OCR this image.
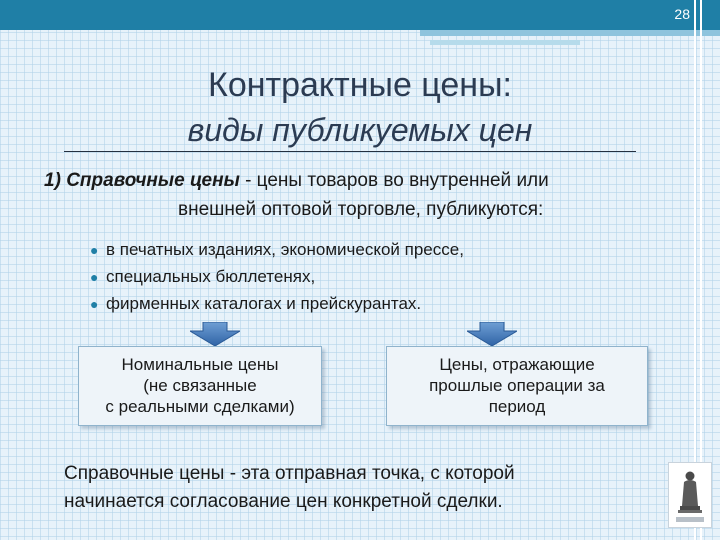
28
Контрактные цены:
виды публикуемых цен
1) Справочные цены - цены товаров во внутренней или
внешней оптовой торговле, публикуются:
● в печатных изданиях, экономической прессе,
● специальных бюллетенях,
● фирменных каталогах и прейскурантах.
Номинальные цены
(не связанные
с реальными сделками)
Цены, отражающие
прошлые операции за
период
Справочные цены - эта отправная точка, с которой
начинается согласование цен конкретной сделки.
